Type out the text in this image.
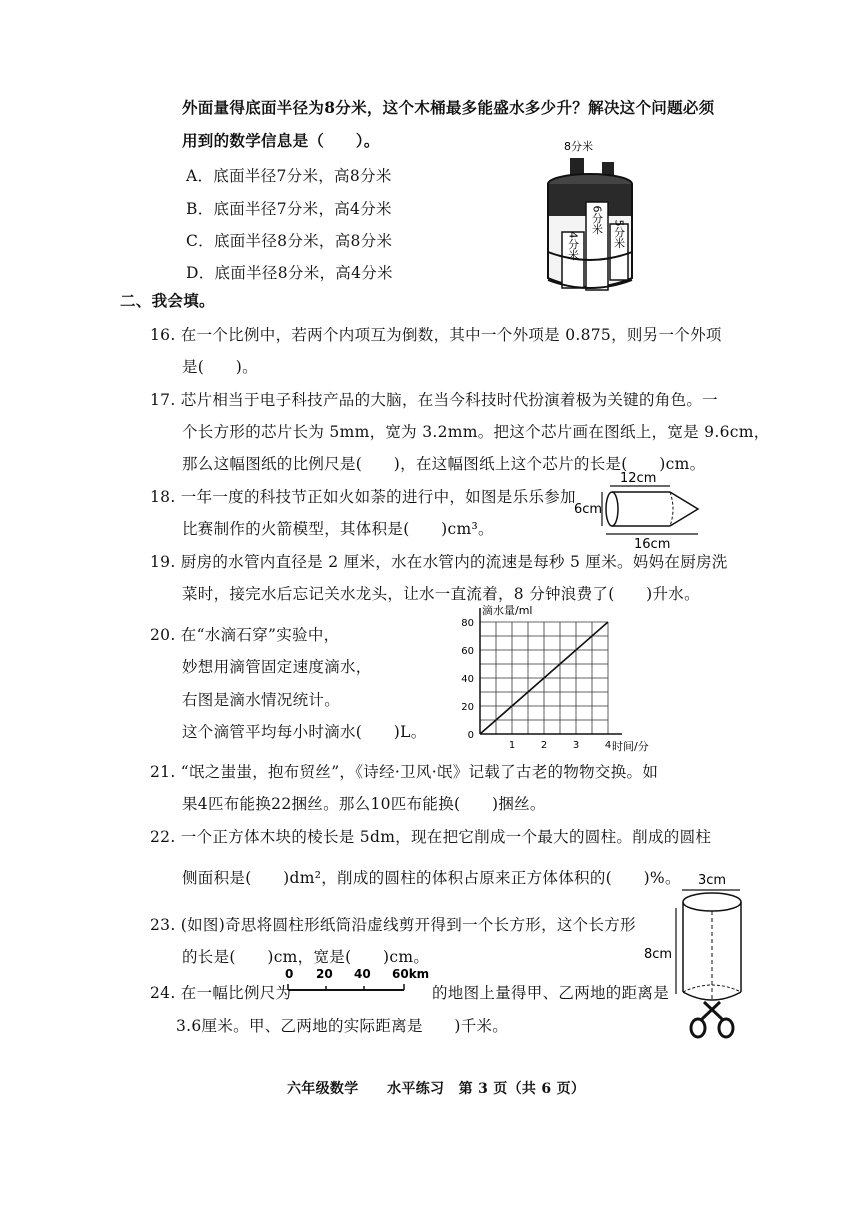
外面量得底面半径为8分米，这个木桶最多能盛水多少升？解决这个问题必须
用到的数学信息是（　　）。
A．底面半径7分米，高8分米
B．底面半径7分米，高4分米
C．底面半径8分米，高8分米
D．底面半径8分米，高4分米
8分米
6分米
4分米	5分米
二、我会填。
16. 在一个比例中，若两个内项互为倒数，其中一个外项是 0.875，则另一个外项
是(　　)。
17. 芯片相当于电子科技产品的大脑，在当今科技时代扮演着极为关键的角色。一
个长方形的芯片长为 5mm，宽为 3.2mm。把这个芯片画在图纸上，宽是 9.6cm，
那么这幅图纸的比例尺是(　　)，在这幅图纸上这个芯片的长是(　　)cm。
18. 一年一度的科技节正如火如荼的进行中，如图是乐乐参加
比赛制作的火箭模型，其体积是(　　)cm³。
12cm
6cm
16cm
19. 厨房的水管内直径是 2 厘米，水在水管内的流速是每秒 5 厘米。妈妈在厨房洗
菜时，接完水后忘记关水龙头，让水一直流着，8 分钟浪费了(　　)升水。
20. 在“水滴石穿”实验中，
妙想用滴管固定速度滴水，
右图是滴水情况统计。
这个滴管平均每小时滴水(　　)L。	0
20
40
60
80
1	2	3	4
滴水量/ml
时间/分
21. “氓之蚩蚩，抱布贸丝”，《诗经·卫风·氓》记载了古老的物物交换。如
果4匹布能换22捆丝。那么10匹布能换(　　)捆丝。
22. 一个正方体木块的棱长是 5dm，现在把它削成一个最大的圆柱。削成的圆柱
侧面积是(　　)dm²，削成的圆柱的体积占原来正方体体积的(　　)%。
23. (如图)奇思将圆柱形纸筒沿虚线剪开得到一个长方形，这个长方形
的长是(　　)cm，宽是(　　)cm。
3cm
8cm
24. 在一幅比例尺为
0 20 40 60km
的地图上量得甲、乙两地的距离是
3.6厘米。甲、乙两地的实际距离是　　)千米。
六年级数学　　水平练习　第 3 页（共 6 页）
